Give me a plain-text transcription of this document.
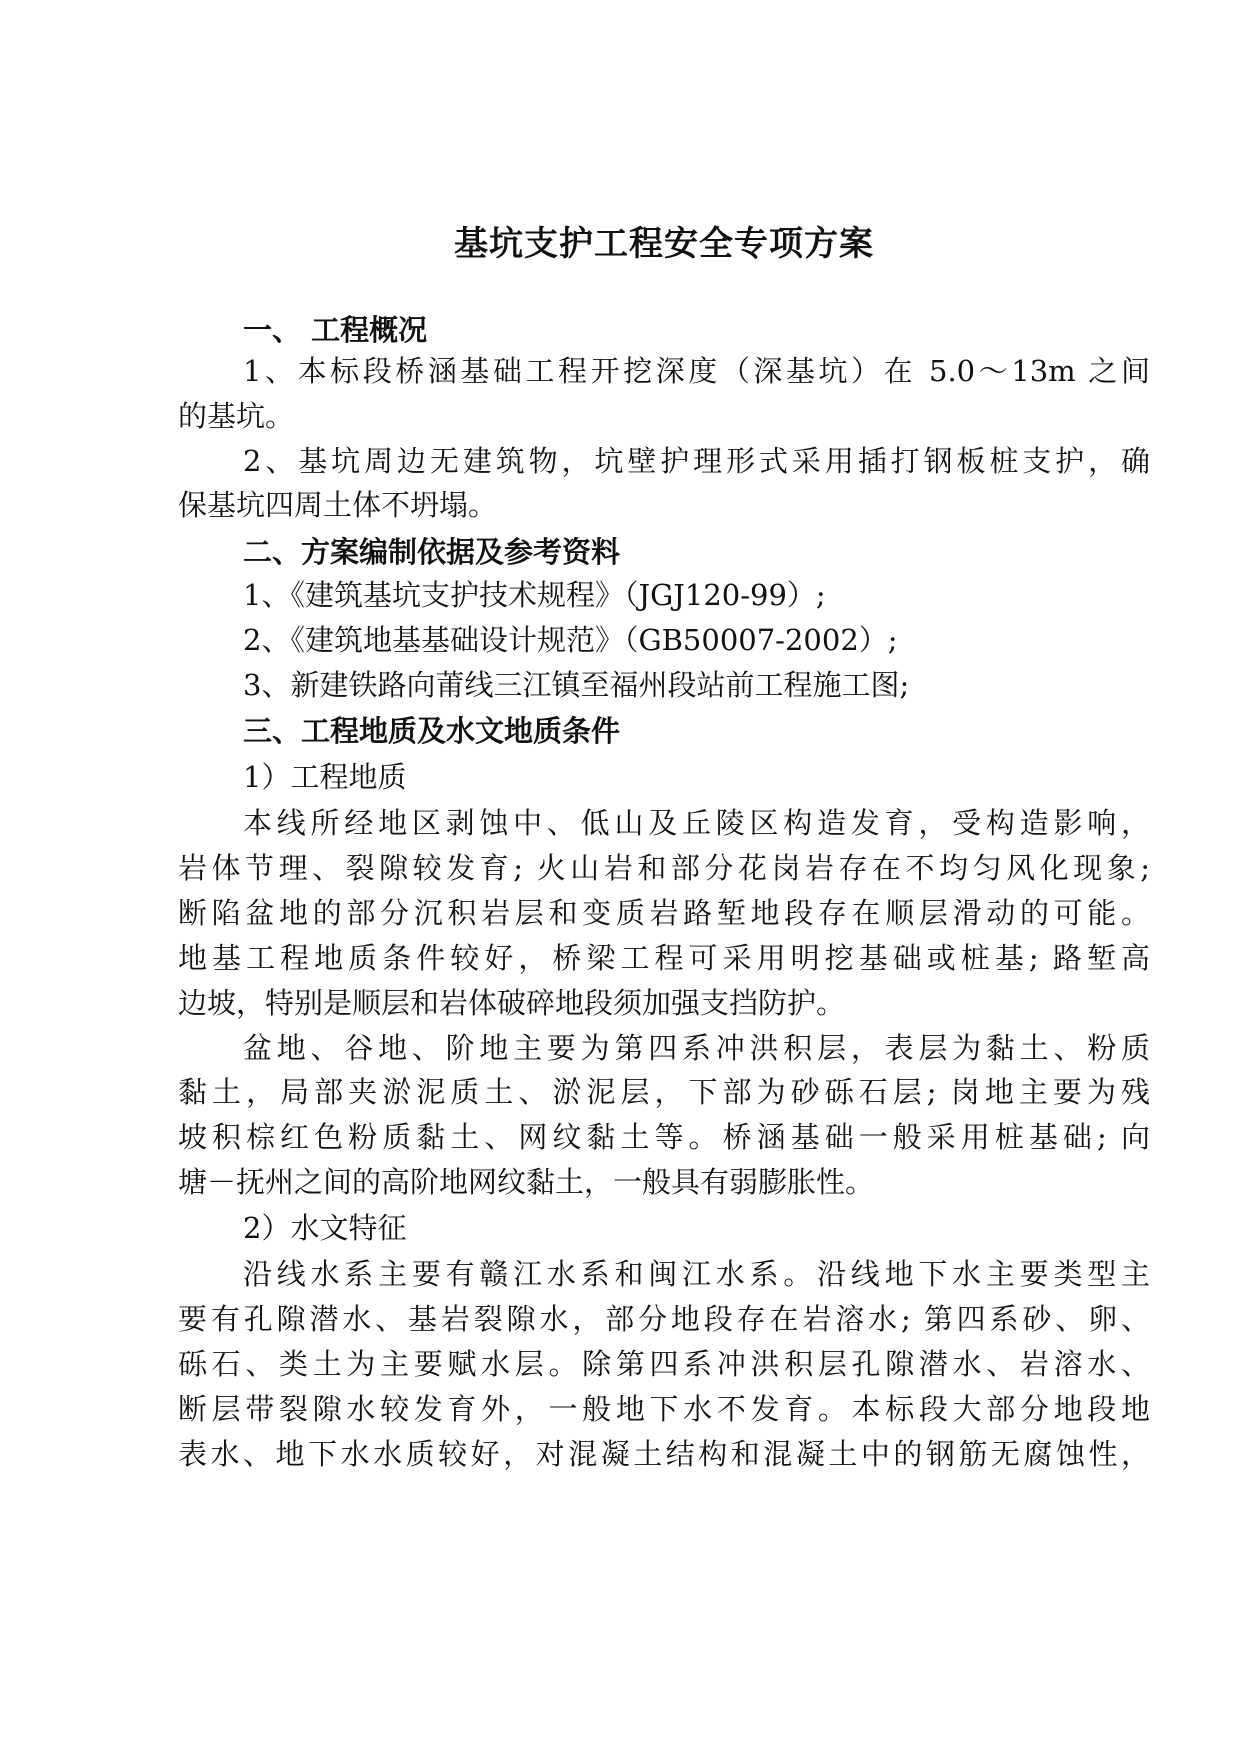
基坑支护工程安全专项方案

一、 工程概况

1、本标段桥涵基础工程开挖深度（深基坑）在 5.0～13m 之间

的基坑。

2、基坑周边无建筑物，坑壁护理形式采用插打钢板桩支护，确

保基坑四周土体不坍塌。

二、方案编制依据及参考资料

1、《建筑基坑支护技术规程》（JGJ120-99）;

2、《建筑地基基础设计规范》（GB50007-2002）;

3、新建铁路向莆线三江镇至福州段站前工程施工图;

三、工程地质及水文地质条件

1）工程地质

本线所经地区剥蚀中、低山及丘陵区构造发育，受构造影响，

岩体节理、裂隙较发育; 火山岩和部分花岗岩存在不均匀风化现象;

断陷盆地的部分沉积岩层和变质岩路堑地段存在顺层滑动的可能。

地基工程地质条件较好，桥梁工程可采用明挖基础或桩基; 路堑高

边坡，特别是顺层和岩体破碎地段须加强支挡防护。

盆地、谷地、阶地主要为第四系冲洪积层，表层为黏土、粉质

黏土，局部夹淤泥质土、淤泥层，下部为砂砾石层; 岗地主要为残

坡积棕红色粉质黏土、网纹黏土等。桥涵基础一般采用桩基础; 向

塘－抚州之间的高阶地网纹黏土，一般具有弱膨胀性。

2）水文特征

沿线水系主要有赣江水系和闽江水系。沿线地下水主要类型主

要有孔隙潜水、基岩裂隙水，部分地段存在岩溶水; 第四系砂、卵、

砾石、类土为主要赋水层。除第四系冲洪积层孔隙潜水、岩溶水、

断层带裂隙水较发育外，一般地下水不发育。本标段大部分地段地

表水、地下水水质较好，对混凝土结构和混凝土中的钢筋无腐蚀性，
